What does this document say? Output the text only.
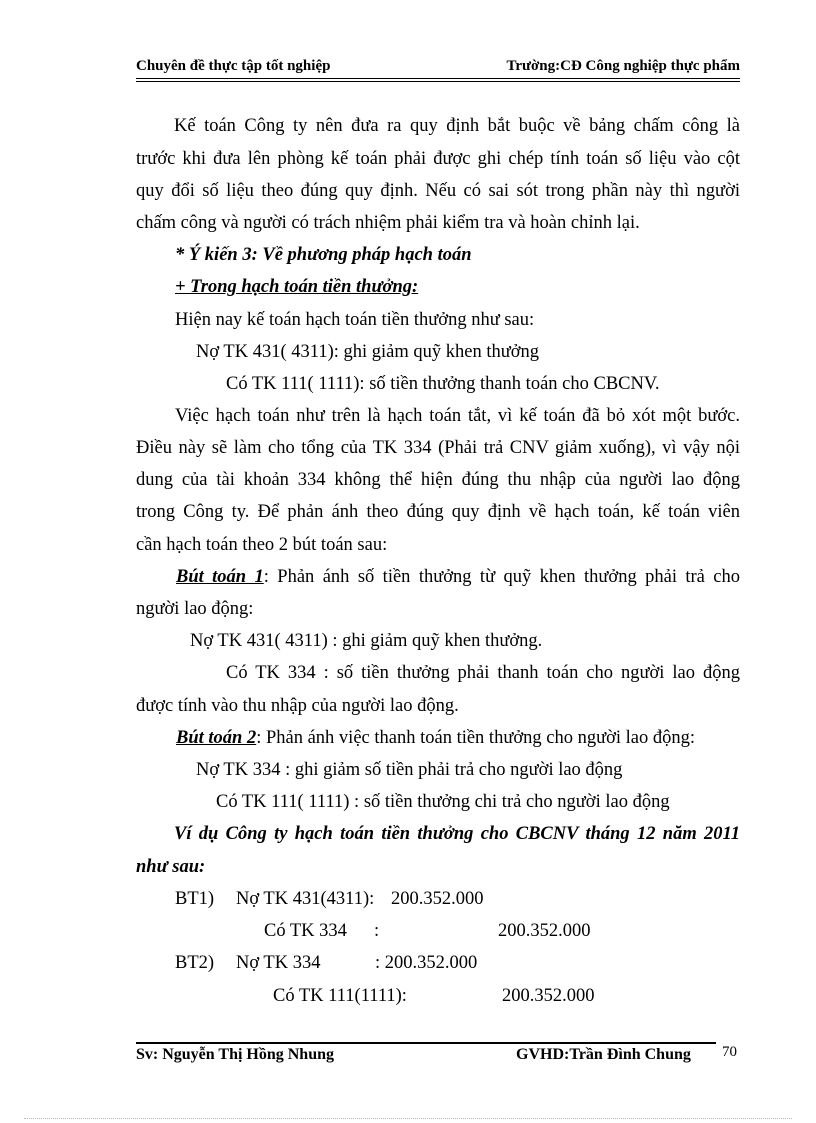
Chuyên đề thực tập tốt nghiệp	Trường:CĐ Công nghiệp thực phẩm
Kế toán Công ty nên đưa ra quy định bắt buộc về bảng chấm công là
trước khi đưa lên phòng kế toán phải được ghi chép tính toán số liệu vào cột
quy đổi số liệu theo đúng quy định. Nếu có sai sót trong phần này thì người
chấm công và người có trách nhiệm phải kiểm tra và hoàn chỉnh lại.
* Ý kiến 3: Về phương pháp hạch toán
+ Trong hạch toán tiền thưởng:
Hiện nay kế toán hạch toán tiền thưởng như sau:
Nợ TK 431( 4311): ghi giảm quỹ khen thưởng
Có TK 111( 1111): số tiền thưởng thanh toán cho CBCNV.
Việc hạch toán như trên là hạch toán tắt, vì kế toán đã bỏ xót một bước.
Điều này sẽ làm cho tổng của TK 334 (Phải trả CNV giảm xuống), vì vậy nội
dung của tài khoản 334 không thể hiện đúng thu nhập của người lao động
trong Công ty. Để phản ánh theo đúng quy định về hạch toán, kế toán viên
cần hạch toán theo 2 bút toán sau:
Bút toán 1: Phản ánh số tiền thưởng từ quỹ khen thưởng phải trả cho
người lao động:
Nợ TK 431( 4311) : ghi giảm quỹ khen thưởng.
Có TK 334 : số tiền thưởng phải thanh toán cho người lao động
được tính vào thu nhập của người lao động.
Bút toán 2: Phản ánh việc thanh toán tiền thưởng cho người lao động:
Nợ TK 334 : ghi giảm số tiền phải trả cho người lao động
Có TK 111( 1111) : số tiền thưởng chi trả cho người lao động
Ví dụ Công ty hạch toán tiền thưởng cho CBCNV tháng 12 năm 2011
như sau:
BT1) Nợ TK 431(4311): 200.352.000
Có TK 334 :	200.352.000
BT2) Nợ TK 334	: 200.352.000
Có TK 111(1111):	200.352.000
Sv: Nguyễn Thị Hồng Nhung	GVHD:Trần Đình Chung 70
